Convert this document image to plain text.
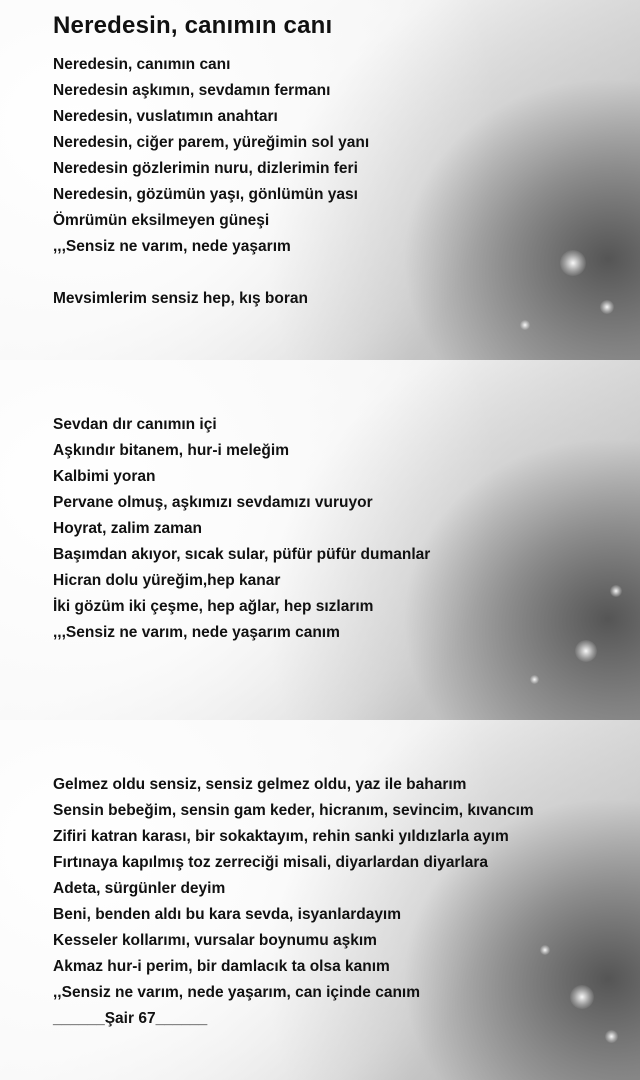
Neredesin, canımın canı
Neredesin, canımın canı
Neredesin aşkımın, sevdamın fermanı
Neredesin, vuslatımın anahtarı
Neredesin, ciğer parem, yüreğimin sol yanı
Neredesin gözlerimin nuru, dizlerimin feri
Neredesin, gözümün yaşı, gönlümün yası
Ömrümün eksilmeyen güneşi
,,,Sensiz ne varım, nede yaşarım
Mevsimlerim sensiz hep, kış boran
Sevdan dır canımın içi
Aşkındır bitanem, hur-i meleğim
Kalbimi yoran
Pervane olmuş, aşkımızı sevdamızı vuruyor
Hoyrat, zalim zaman
Başımdan akıyor, sıcak sular, püfür püfür dumanlar
Hicran dolu yüreğim,hep kanar
İki gözüm iki çeşme, hep ağlar, hep sızlarım
,,,Sensiz ne varım, nede yaşarım canım
Gelmez oldu sensiz, sensiz gelmez oldu, yaz ile baharım
Sensin bebeğim, sensin gam keder, hicranım, sevincim, kıvancım
Zifiri katran karası, bir sokaktayım, rehin sanki yıldızlarla ayım
Fırtınaya kapılmış toz zerreciği misali, diyarlardan diyarlara
Adeta, sürgünler deyim
Beni, benden aldı bu kara sevda, isyanlardayım
Kesseler kollarımı, vursalar boynumu aşkım
Akmaz hur-i perim, bir damlacık ta olsa kanım
,,Sensiz ne varım, nede yaşarım, can içinde canım
______Şair 67______
